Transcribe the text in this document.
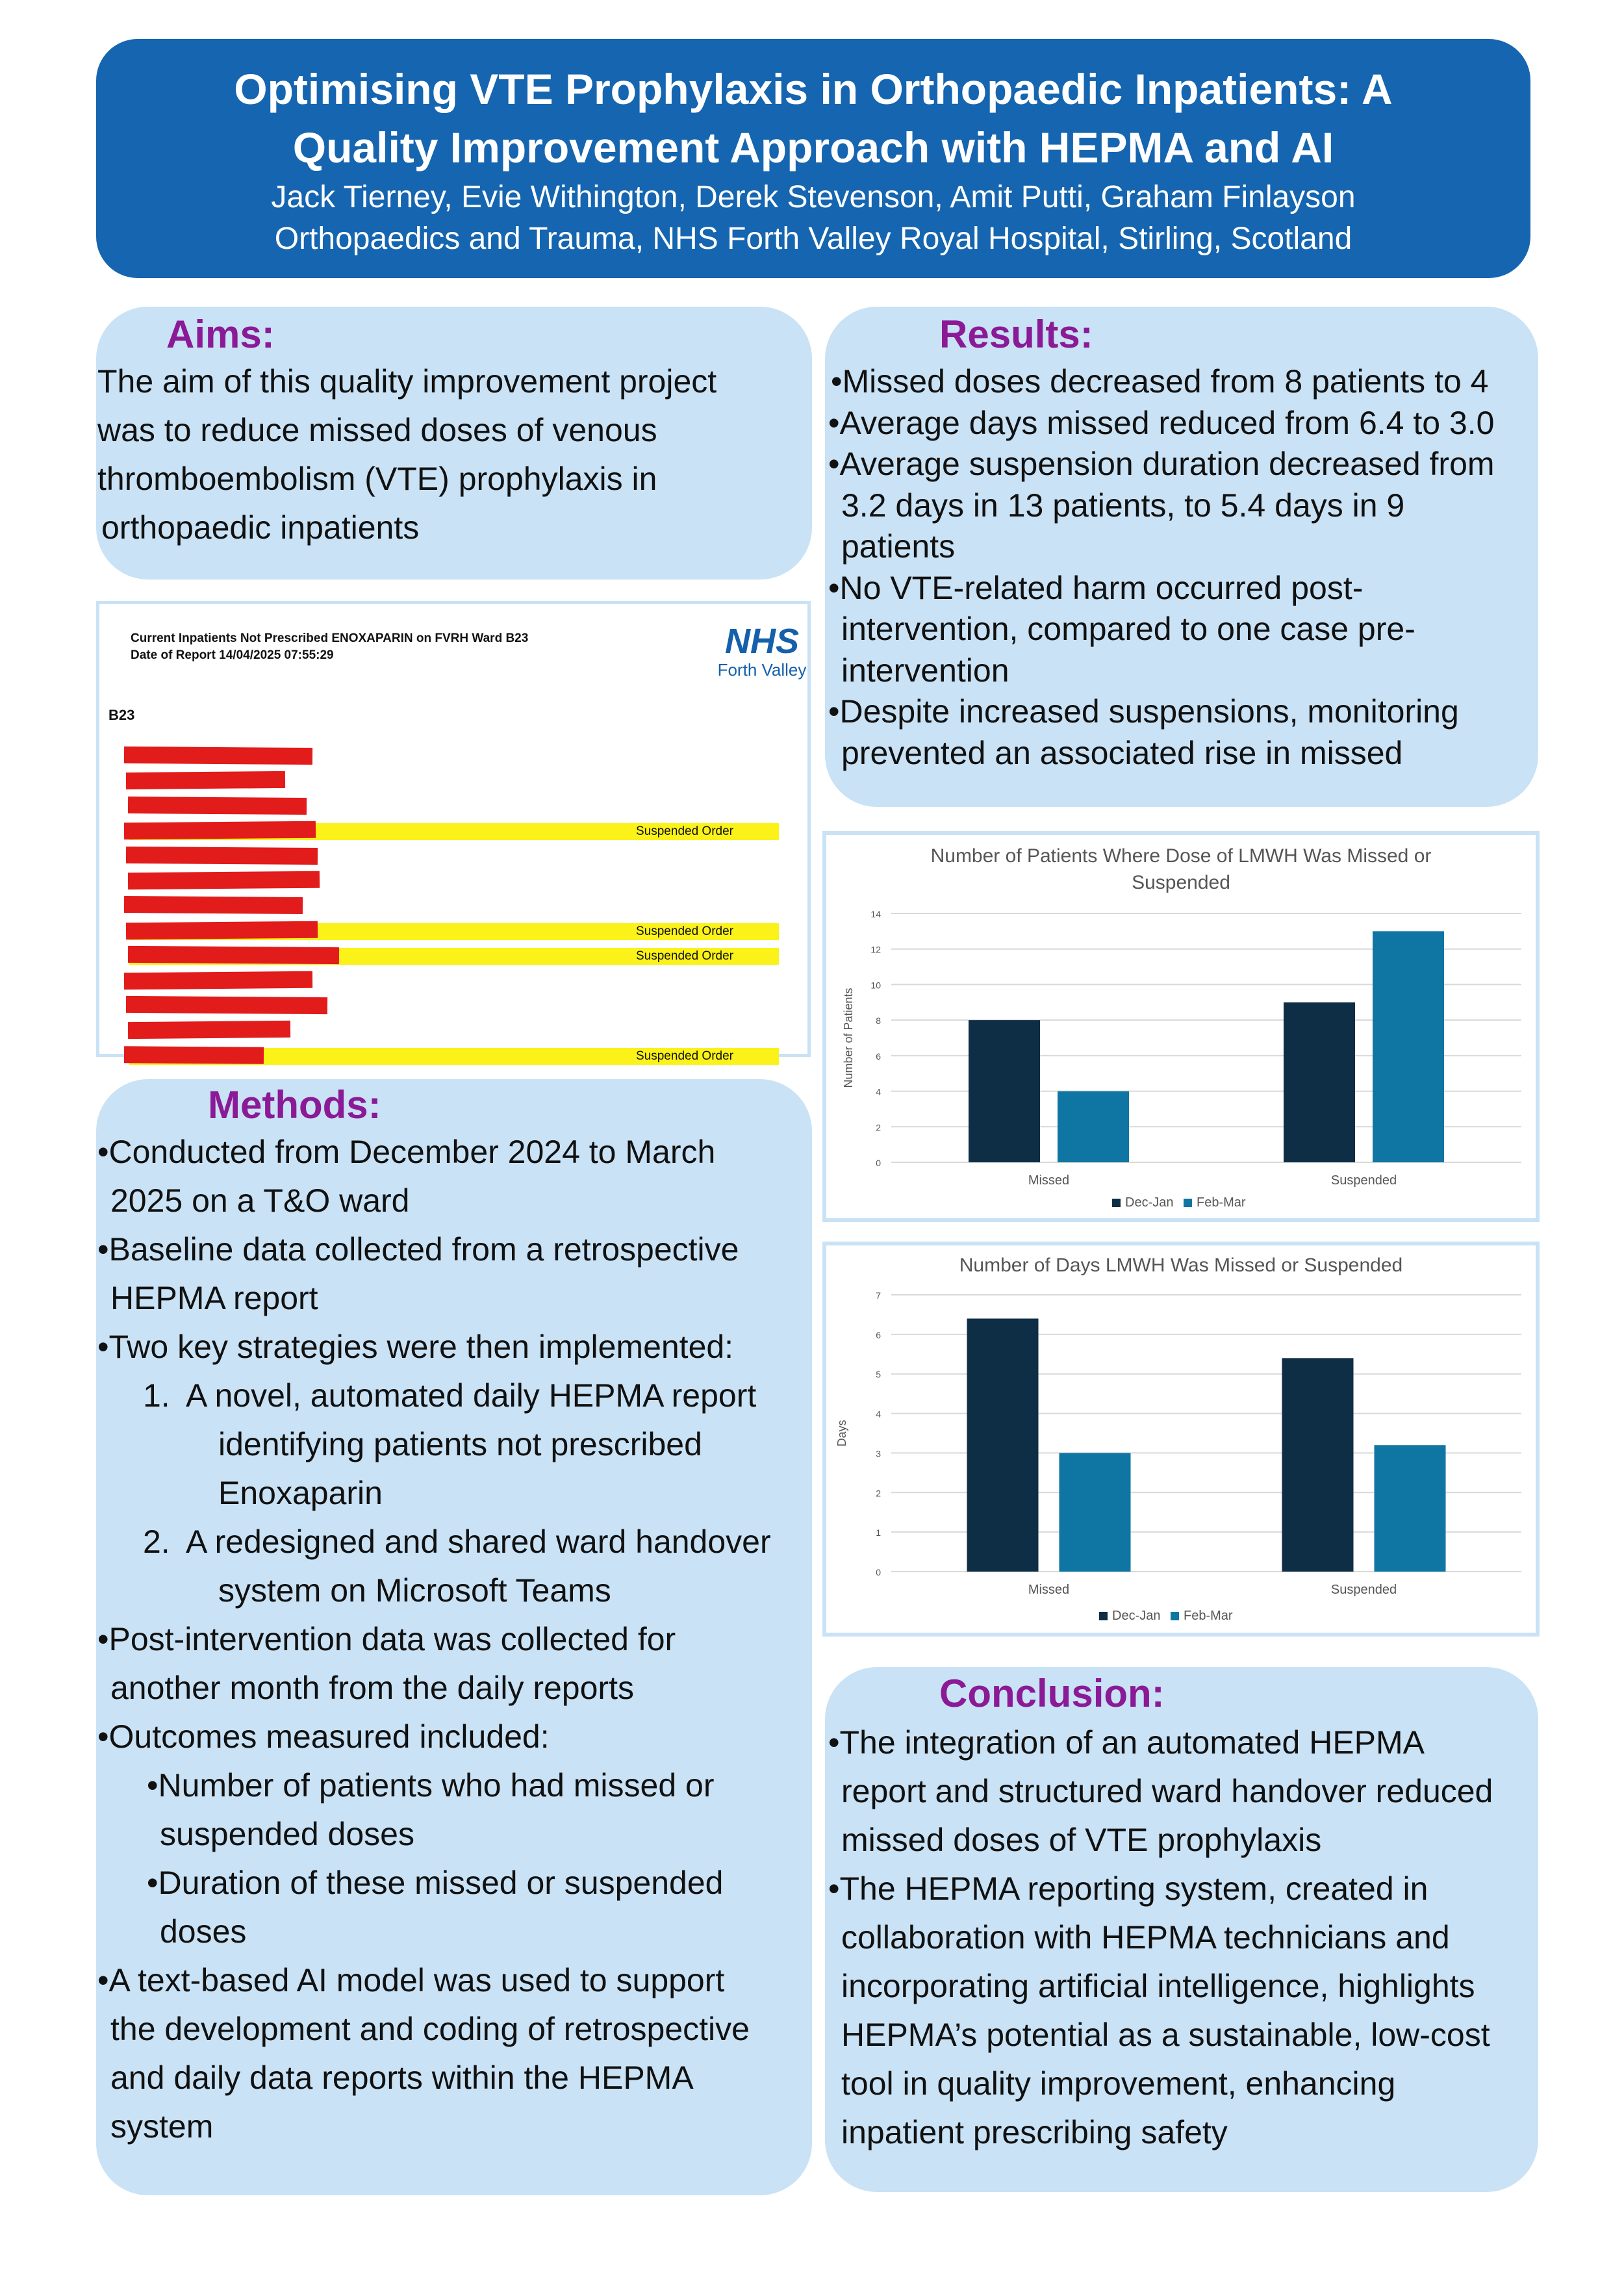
Optimising VTE Prophylaxis in Orthopaedic Inpatients: A
Quality Improvement Approach with HEPMA and AI
Jack Tierney, Evie Withington, Derek Stevenson, Amit Putti, Graham Finlayson
Orthopaedics and Trauma, NHS Forth Valley Royal Hospital, Stirling, Scotland
Aims:
The aim of this quality improvement project
was to reduce missed doses of venous
thromboembolism (VTE) prophylaxis in
orthopaedic inpatients
Current Inpatients Not Prescribed ENOXAPARIN on FVRH Ward B23
Date of Report 14/04/2025 07:55:29
B23
NHS
Forth Valley
Suspended Order
Suspended Order
Suspended Order
Suspended Order
Methods:
•Conducted from December 2024 to March
2025 on a T&O ward
•Baseline data collected from a retrospective
HEPMA report
•Two key strategies were then implemented:
1. A novel, automated daily HEPMA report
identifying patients not prescribed
Enoxaparin
2. A redesigned and shared ward handover
system on Microsoft Teams
•Post-intervention data was collected for
another month from the daily reports
•Outcomes measured included:
•Number of patients who had missed or
suspended doses
•Duration of these missed or suspended
doses
•A text-based AI model was used to support
the development and coding of retrospective
and daily data reports within the HEPMA
system
Results:
•Missed doses decreased from 8 patients to 4
•Average days missed reduced from 6.4 to 3.0
•Average suspension duration decreased from
3.2 days in 13 patients, to 5.4 days in 9
patients
•No VTE-related harm occurred post-
intervention, compared to one case pre-
intervention
•Despite increased suspensions, monitoring
prevented an associated rise in missed
Number of Patients Where Dose of LMWH Was Missed or
Suspended
0
2
4
6
8
10
12
14
Number of Patients
Missed	Suspended
Dec-Jan Feb-Mar
Number of Days LMWH Was Missed or Suspended
0
1
2
3
4
5
6
7
Days
Missed	Suspended
Dec-Jan Feb-Mar
Conclusion:
•The integration of an automated HEPMA
report and structured ward handover reduced
missed doses of VTE prophylaxis
•The HEPMA reporting system, created in
collaboration with HEPMA technicians and
incorporating artificial intelligence, highlights
HEPMA’s potential as a sustainable, low-cost
tool in quality improvement, enhancing
inpatient prescribing safety
